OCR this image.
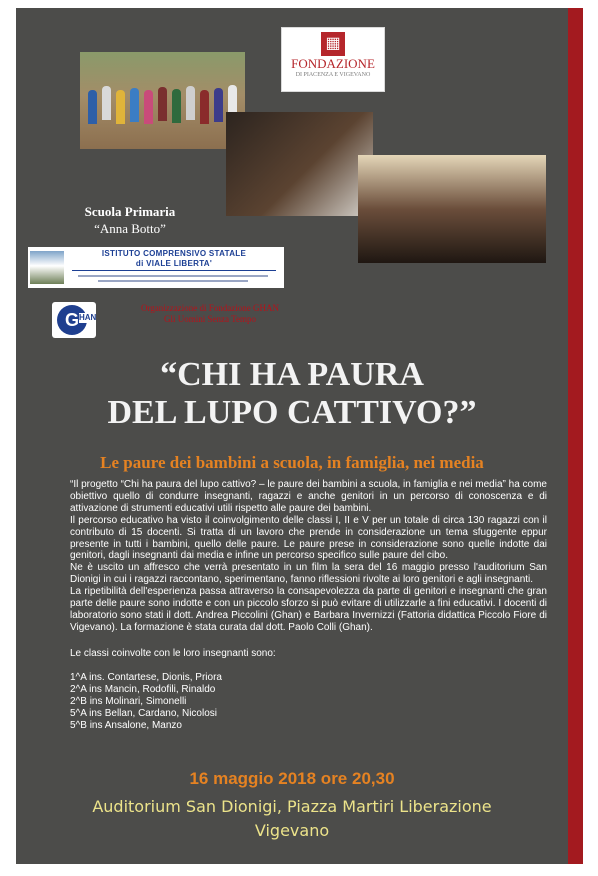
▦
FONDAZIONE
DI PIACENZA E VIGEVANO
Scuola Primaria
“Anna Botto”
ISTITUTO COMPRENSIVO STATALE
di VIALE LIBERTA'
G HAN
Organizzazione di Fondazione GHAN
Gli Uomini Senza Tempo
“CHI HA PAURA
DEL LUPO CATTIVO?”
Le paure dei bambini a scuola, in famiglia, nei media

“Il progetto “Chi ha paura del lupo cattivo? – le paure dei bambini a scuola, in famiglia e nei media” ha come obiettivo quello di condurre insegnanti, ragazzi e anche genitori in un percorso di conoscenza e di attivazione di strumenti educativi utili rispetto alle paure dei bambini.

Il percorso educativo ha visto il coinvolgimento delle classi I, II e V per un totale di circa 130 ragazzi con il contributo di 15 docenti. Si tratta di un lavoro che prende in considerazione un tema sfuggente eppur presente in tutti i bambini, quello delle paure. Le paure prese in considerazione sono quelle indotte dai genitori, dagli insegnanti dai media e infine un percorso specifico sulle paure del cibo.

Ne è uscito un affresco che verrà presentato in un film la sera del 16 maggio presso l'auditorium San Dionigi in cui i ragazzi raccontano, sperimentano, fanno riflessioni rivolte ai loro genitori e agli insegnanti.

La ripetibilità dell'esperienza passa attraverso la consapevolezza da parte di genitori e insegnanti che gran parte delle paure sono indotte e con un piccolo sforzo si può evitare di utilizzarle a fini educativi. I docenti di laboratorio sono stati il dott. Andrea Piccolini (Ghan) e Barbara Invernizzi (Fattoria didattica Piccolo Fiore di Vigevano). La formazione è stata curata dal dott. Paolo Colli (Ghan).

Le classi coinvolte con le loro insegnanti sono:

1^A ins. Contartese, Dionis, Priora

2^A ins Mancin, Rodofili, Rinaldo

2^B ins Molinari, Simonelli

5^A ins Bellan, Cardano, Nicolosi

5^B ins Ansalone, Manzo

16 maggio 2018 ore 20,30
Auditorium San Dionigi, Piazza Martiri Liberazione
Vigevano
